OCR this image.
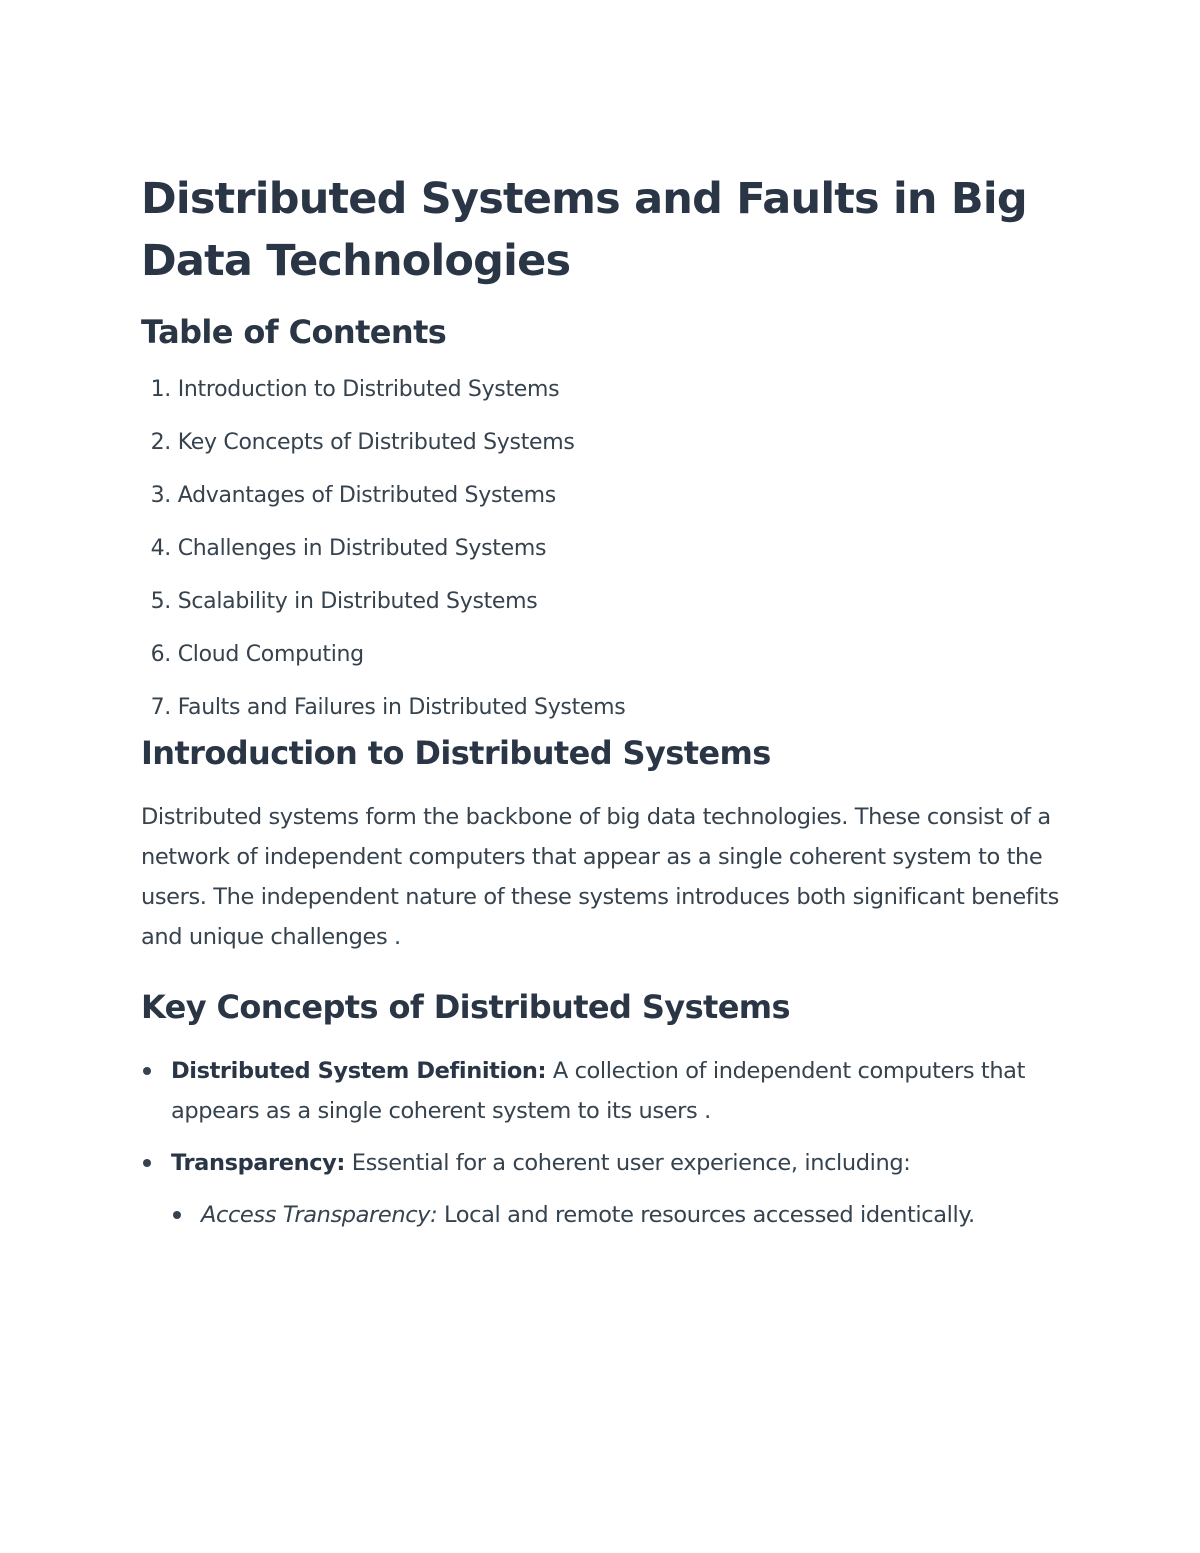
Distributed Systems and Faults in Big Data Technologies
Table of Contents
1. Introduction to Distributed Systems
2. Key Concepts of Distributed Systems
3. Advantages of Distributed Systems
4. Challenges in Distributed Systems
5. Scalability in Distributed Systems
6. Cloud Computing
7. Faults and Failures in Distributed Systems
Introduction to Distributed Systems

Distributed systems form the backbone of big data technologies. These consist of a network of independent computers that appear as a single coherent system to the users. The independent nature of these systems introduces both significant benefits and unique challenges .

Key Concepts of Distributed Systems
Distributed System Definition: A collection of independent computers that appears as a single coherent system to its users .
Transparency: Essential for a coherent user experience, including:
Access Transparency: Local and remote resources accessed identically.
